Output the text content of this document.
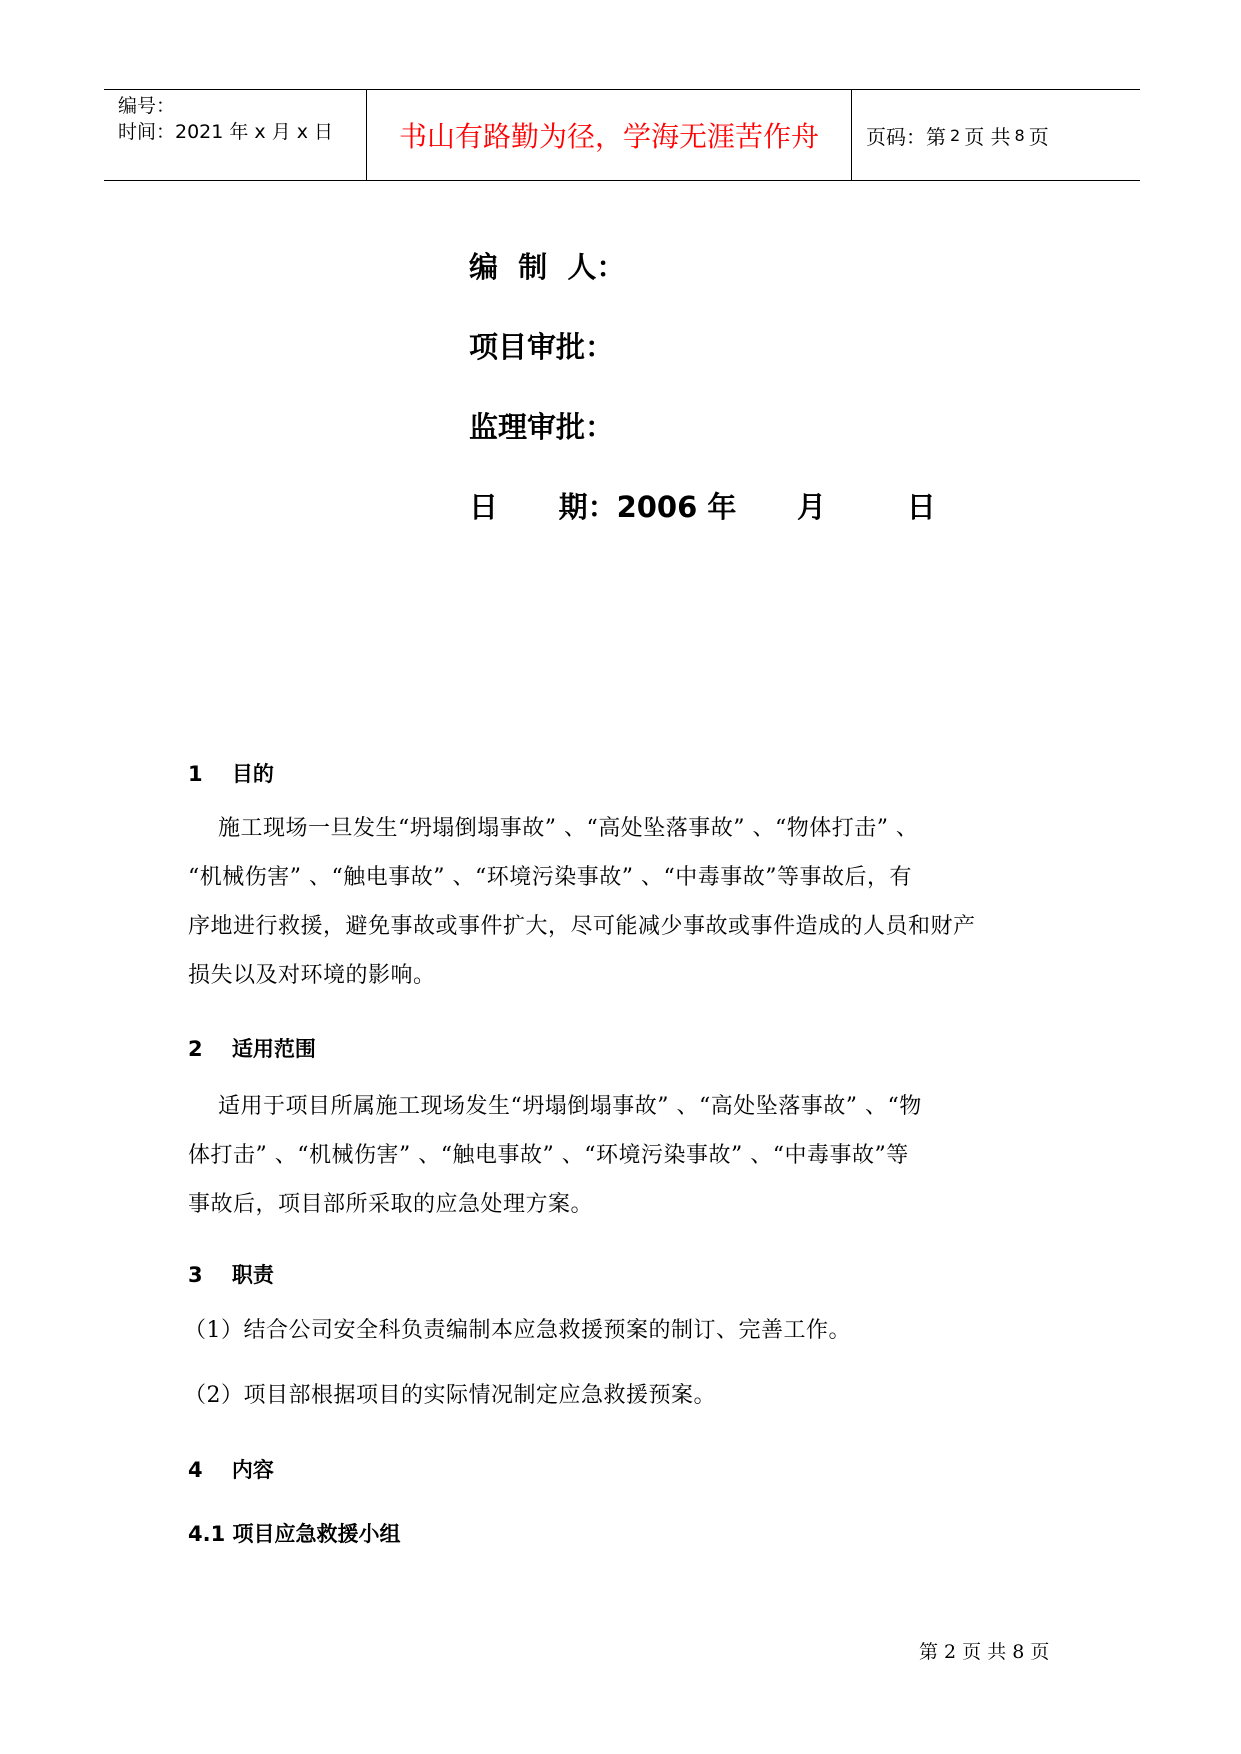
编号：
时间：2021 年 x 月 x 日	书山有路勤为径，学海无涯苦作舟	页码：第 2 页 共 8 页
编  制  人：
项目审批：
监理审批：
日      期：2006 年      月        日
1    目的
施工现场一旦发生“坍塌倒塌事故” 、“高处坠落事故” 、“物体打击” 、
“机械伤害” 、“触电事故” 、“环境污染事故” 、“中毒事故”等事故后，有
序地进行救援，避免事故或事件扩大，尽可能减少事故或事件造成的人员和财产
损失以及对环境的影响。
2    适用范围
适用于项目所属施工现场发生“坍塌倒塌事故” 、“高处坠落事故” 、“物
体打击” 、“机械伤害” 、“触电事故” 、“环境污染事故” 、“中毒事故”等
事故后，项目部所采取的应急处理方案。
3    职责
（1）结合公司安全科负责编制本应急救援预案的制订、完善工作。
（2）项目部根据项目的实际情况制定应急救援预案。
4    内容
4.1 项目应急救援小组
第 2 页 共 8 页
